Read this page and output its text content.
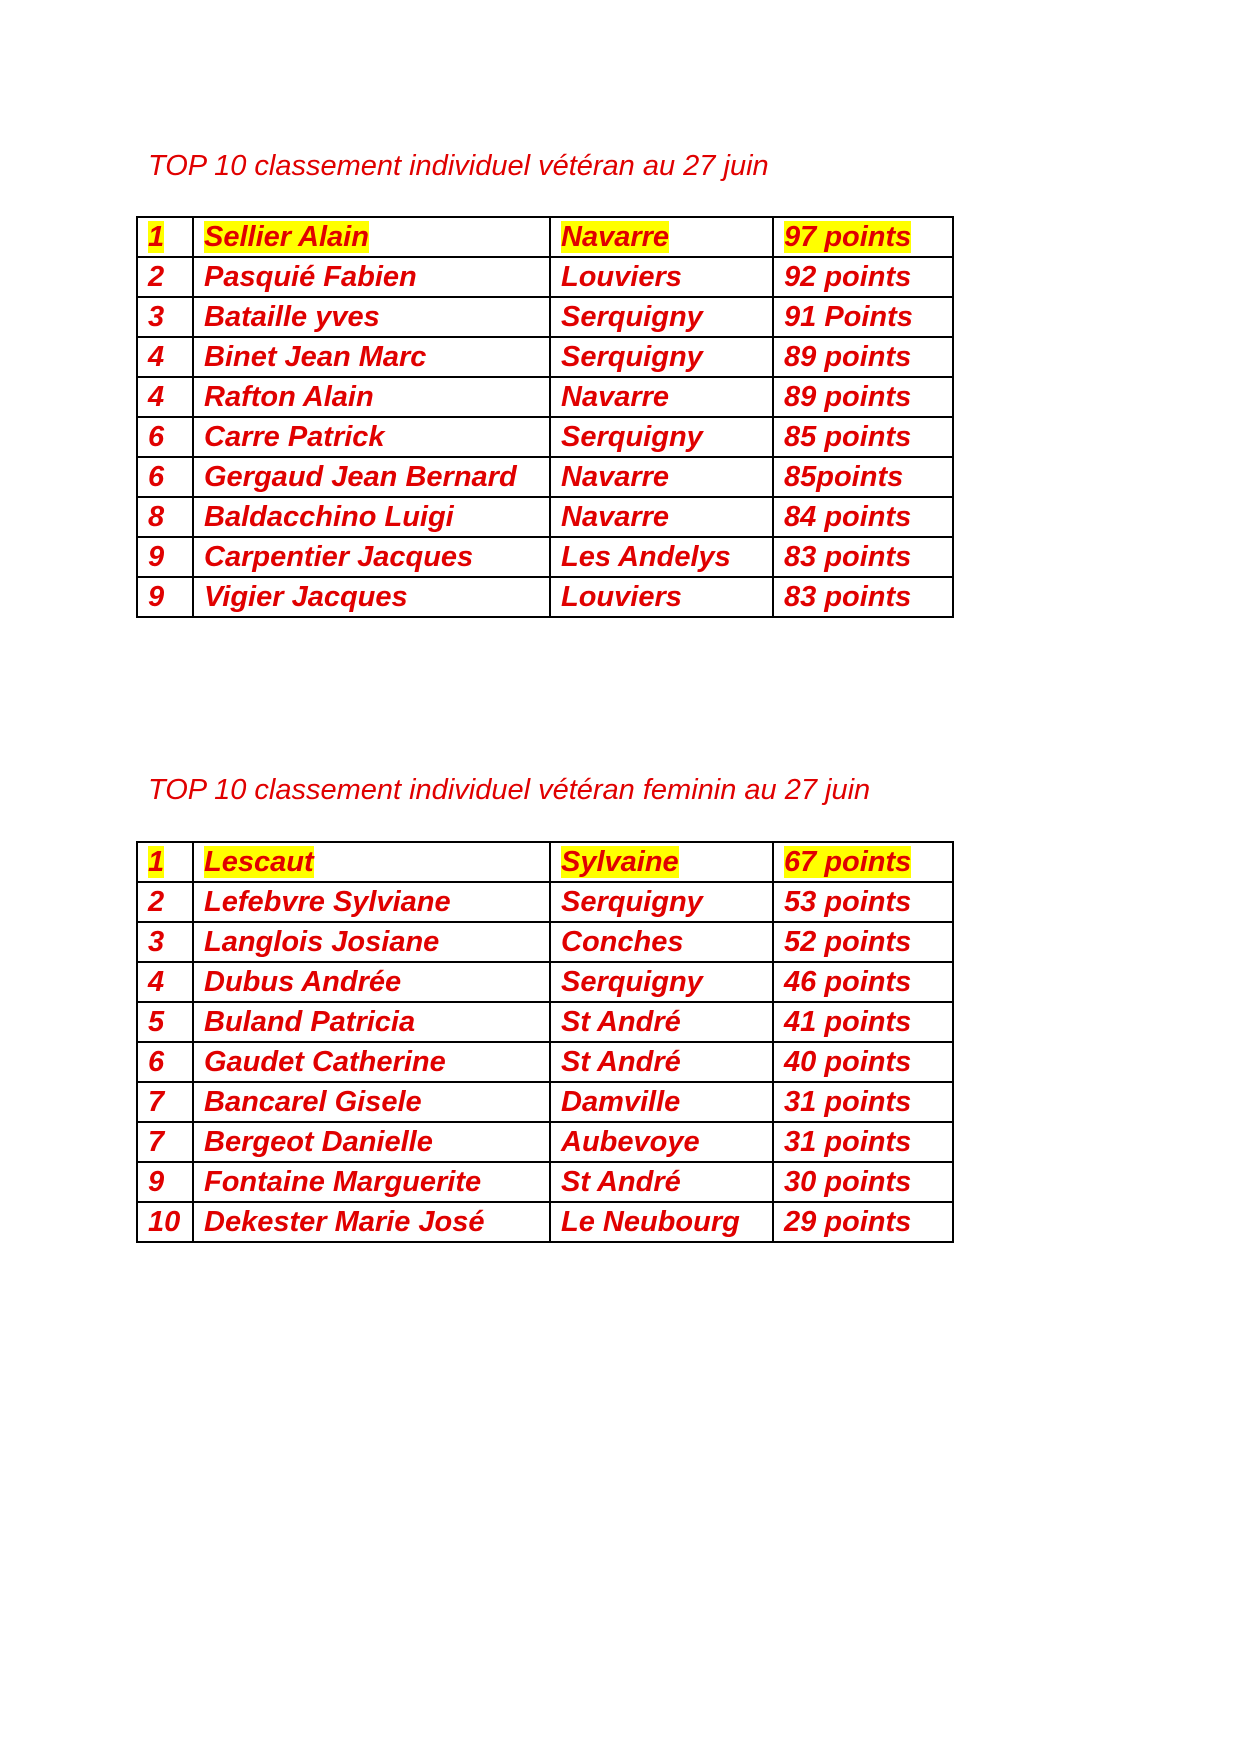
TOP 10 classement individuel vétéran au 27 juin
1	Sellier Alain	Navarre	97 points
2	Pasquié Fabien	Louviers	92 points
3	Bataille yves	Serquigny	91 Points
4	Binet Jean Marc	Serquigny	89 points
4	Rafton Alain	Navarre	89 points
6	Carre Patrick	Serquigny	85 points
6	Gergaud Jean Bernard	Navarre	85points
8	Baldacchino Luigi	Navarre	84 points
9	Carpentier Jacques	Les Andelys	83 points
9	Vigier Jacques	Louviers	83 points
TOP 10 classement individuel vétéran feminin au 27 juin
1	Lescaut	Sylvaine	67 points
2	Lefebvre Sylviane	Serquigny	53 points
3	Langlois Josiane	Conches	52 points
4	Dubus Andrée	Serquigny	46 points
5	Buland Patricia	St André	41 points
6	Gaudet Catherine	St André	40 points
7	Bancarel Gisele	Damville	31 points
7	Bergeot Danielle	Aubevoye	31 points
9	Fontaine Marguerite	St André	30 points
10	Dekester Marie José	Le Neubourg	29 points
